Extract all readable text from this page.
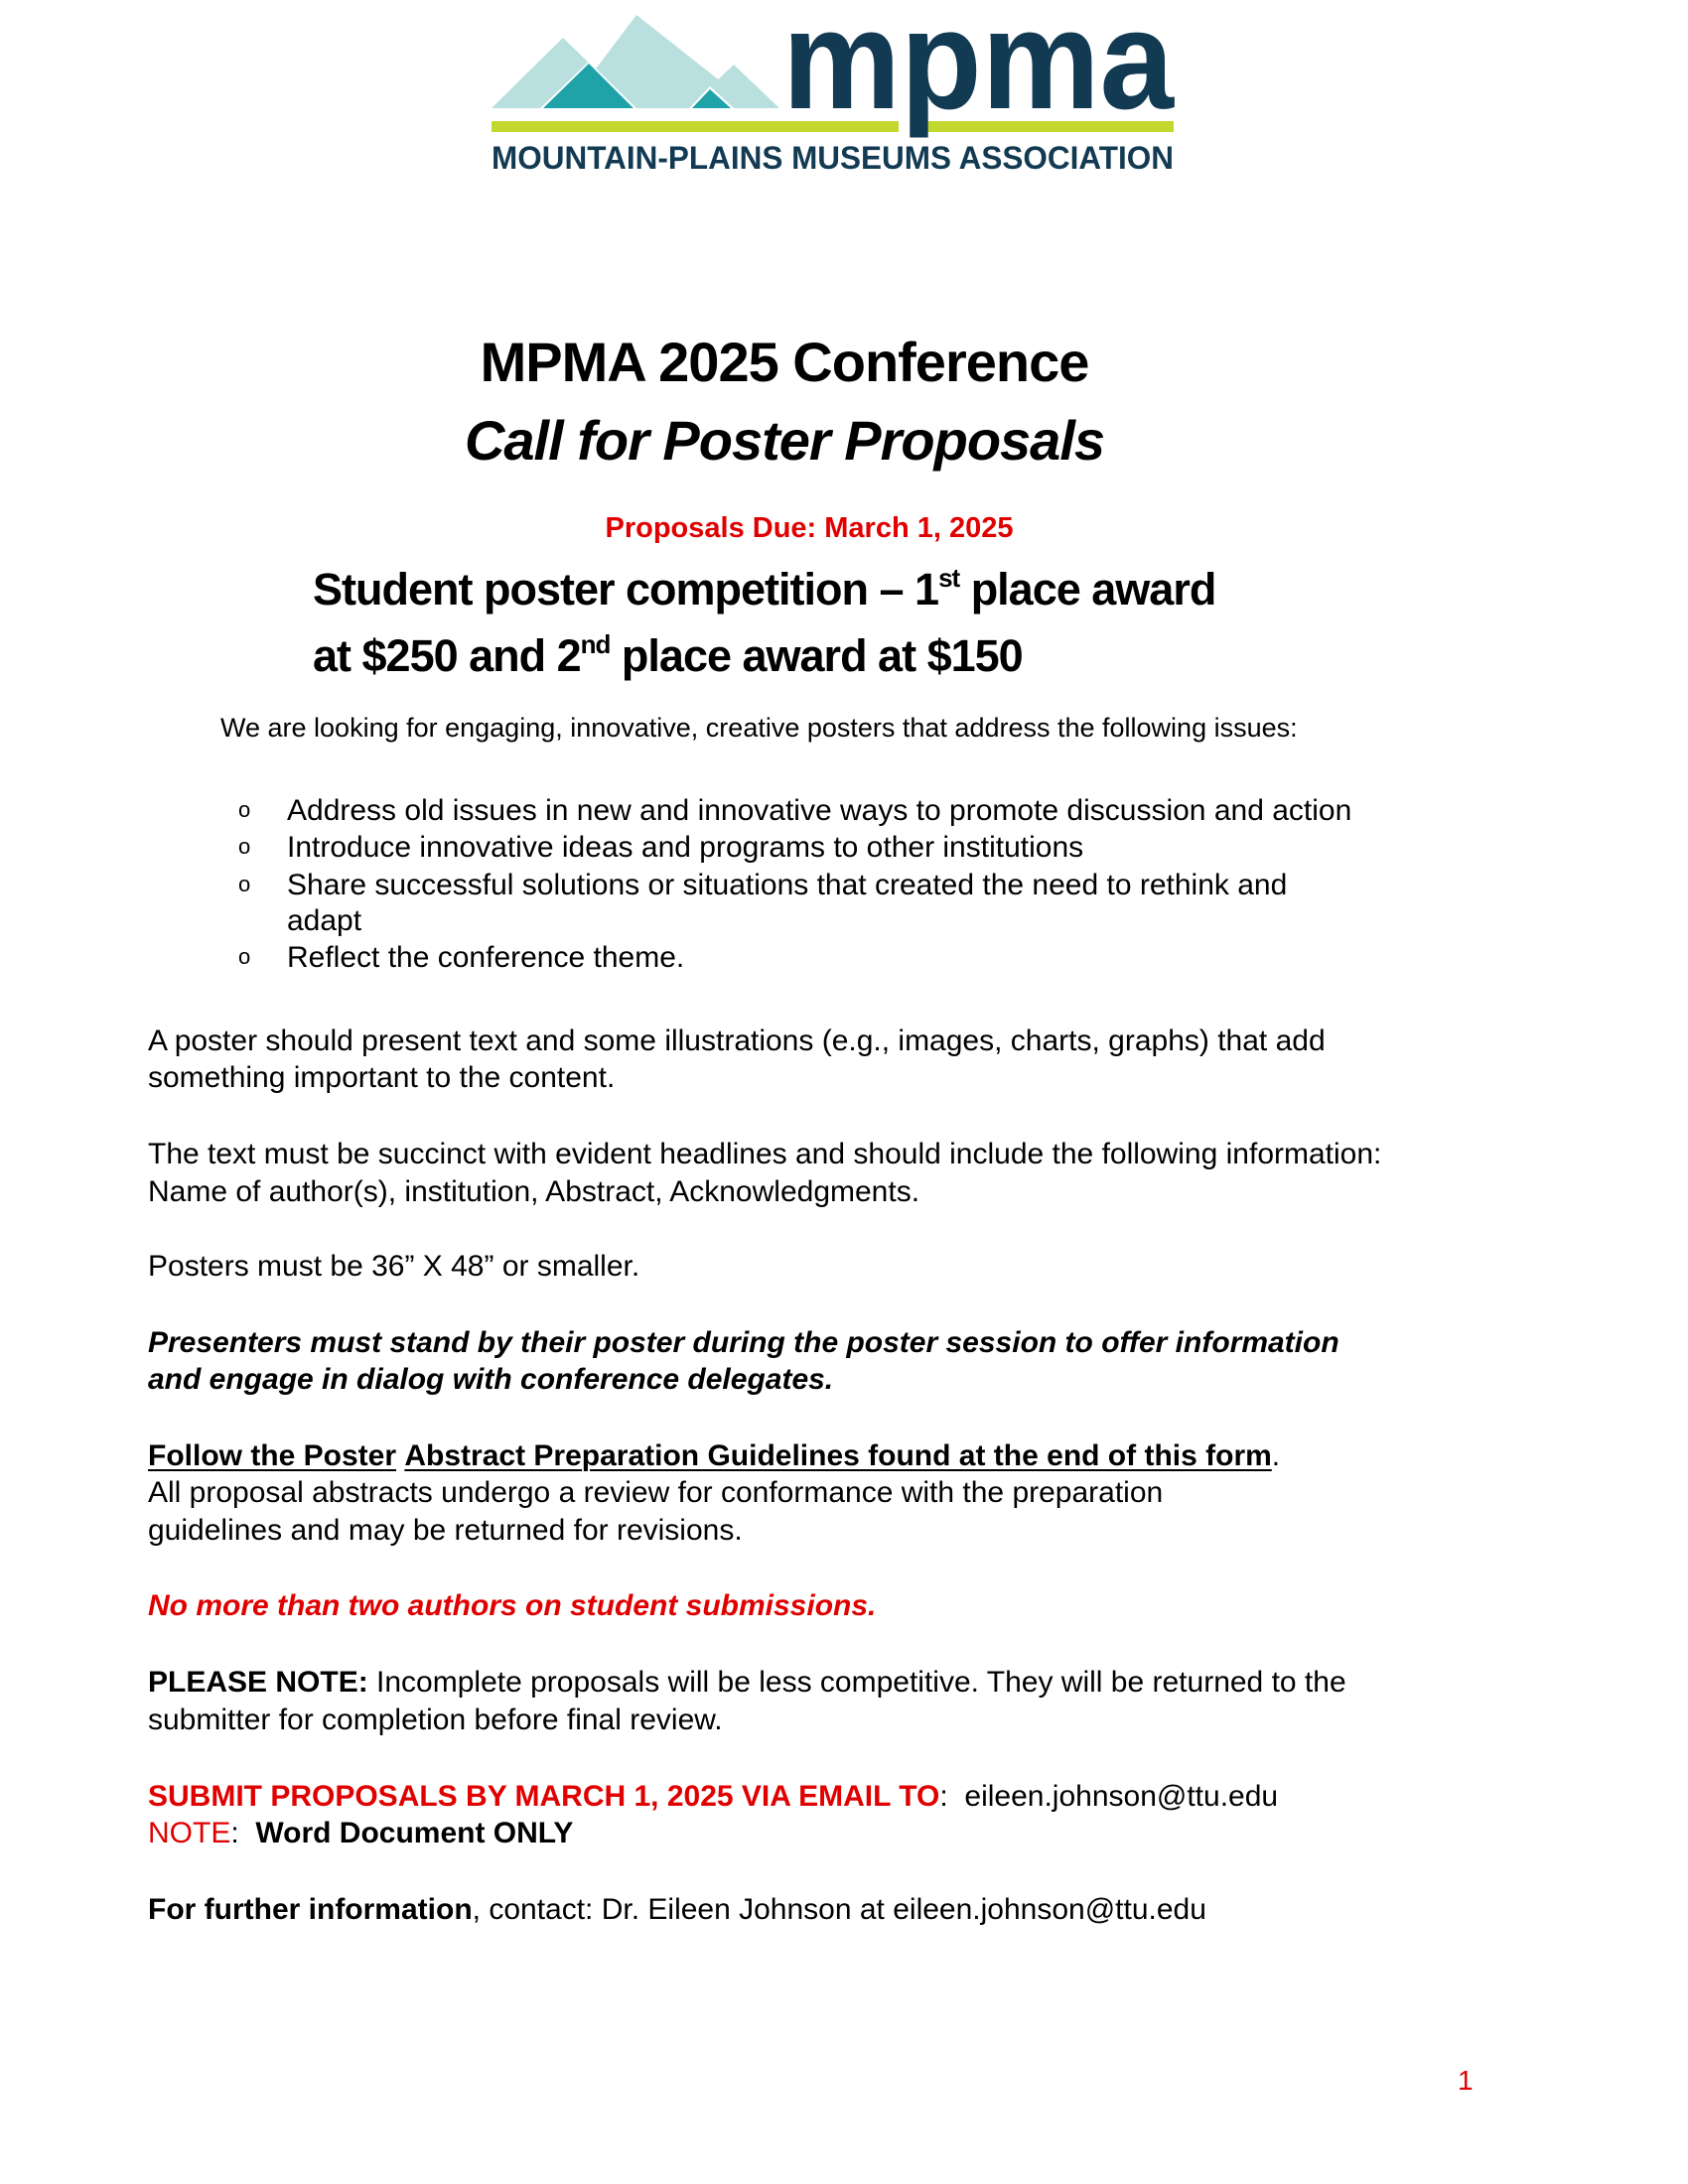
mpma
MOUNTAIN-PLAINS MUSEUMS ASSOCIATION
MPMA 2025 Conference
Call for Poster Proposals
Proposals Due: March 1, 2025
Student poster competition – 1st place award
at $250 and 2nd place award at $150
We are looking for engaging, innovative, creative posters that address the following issues:
o Address old issues in new and innovative ways to promote discussion and action
o Introduce innovative ideas and programs to other institutions
o Share successful solutions or situations that created the need to rethink and
adapt
o Reflect the conference theme.
A poster should present text and some illustrations (e.g., images, charts, graphs) that add
something important to the content.
The text must be succinct with evident headlines and should include the following information:
Name of author(s), institution, Abstract, Acknowledgments.
Posters must be 36” X 48” or smaller.
Presenters must stand by their poster during the poster session to offer information
and engage in dialog with conference delegates.
Follow the Poster Abstract Preparation Guidelines found at the end of this form.
All proposal abstracts undergo a review for conformance with the preparation
guidelines and may be returned for revisions.
No more than two authors on student submissions.
PLEASE NOTE: Incomplete proposals will be less competitive. They will be returned to the
submitter for completion before final review.
SUBMIT PROPOSALS BY MARCH 1, 2025 VIA EMAIL TO:  eileen.johnson@ttu.edu
NOTE:  Word Document ONLY
For further information, contact: Dr. Eileen Johnson at eileen.johnson@ttu.edu
1
